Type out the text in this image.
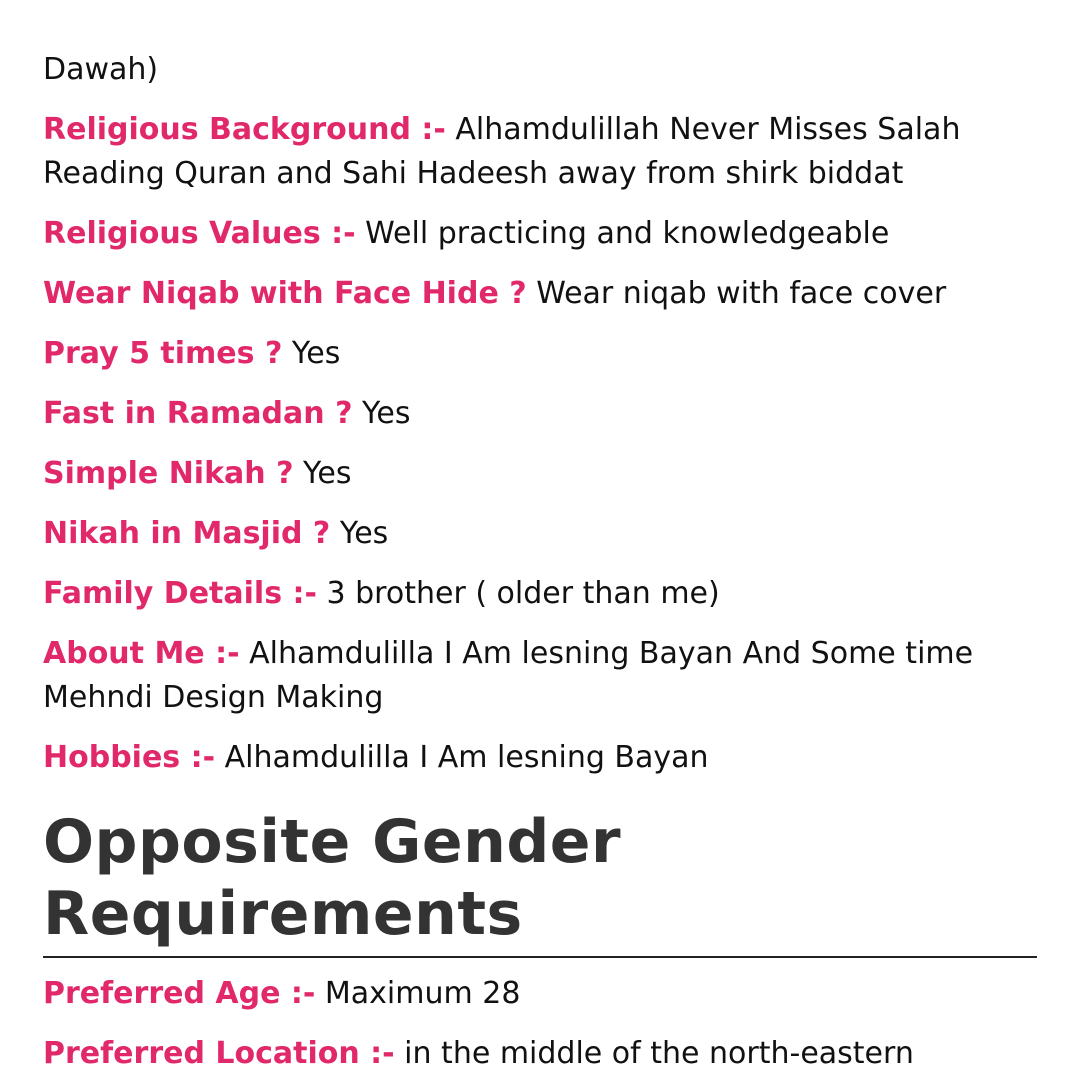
Dawah)

Religious Background :- Alhamdulillah Never Misses Salah Reading Quran and Sahi Hadeesh away from shirk biddat

Religious Values :- Well practicing and knowledgeable

Wear Niqab with Face Hide ? Wear niqab with face cover

Pray 5 times ? Yes

Fast in Ramadan ? Yes

Simple Nikah ? Yes

Nikah in Masjid ? Yes

Family Details :- 3 brother ( older than me)

About Me :- Alhamdulilla I Am lesning Bayan And Some time Mehndi Design Making

Hobbies :- Alhamdulilla I Am lesning Bayan

Opposite Gender Requirements

Preferred Age :- Maximum 28

Preferred Location :- in the middle of the north-eastern
